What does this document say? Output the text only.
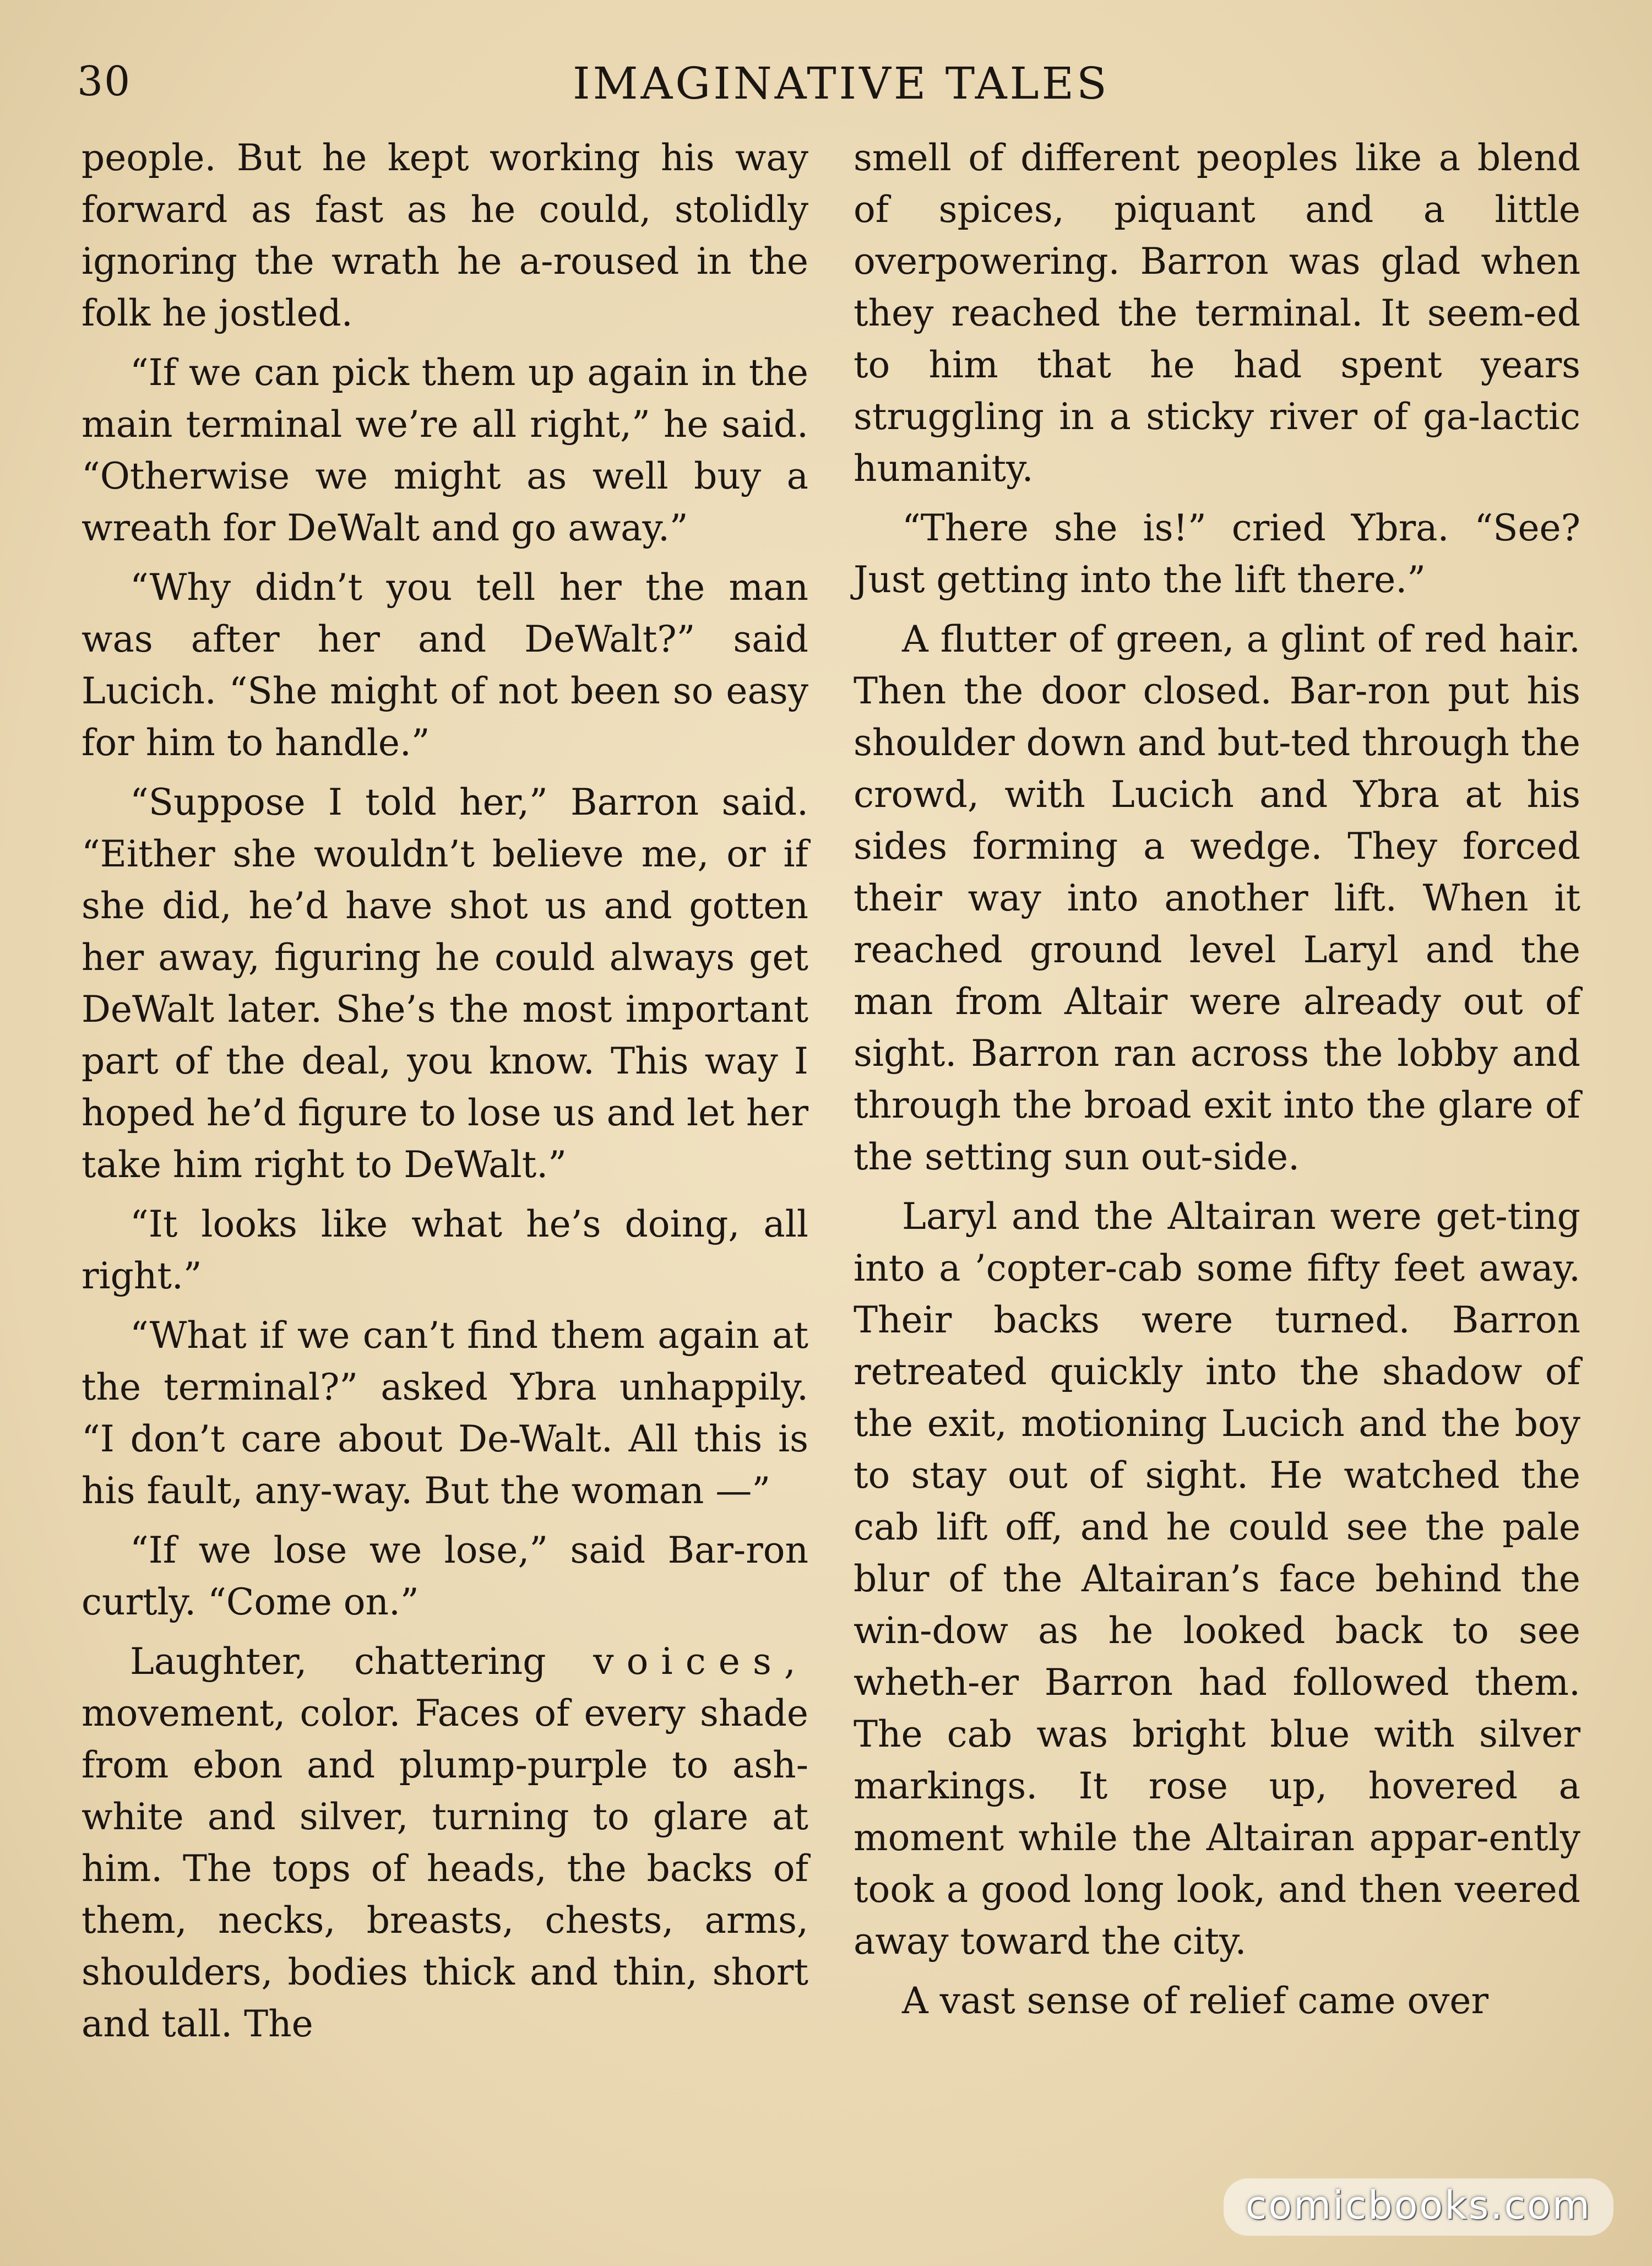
30	IMAGINATIVE TALES

people. But he kept working his way forward as fast as he could, stolidly ignoring the wrath he a-roused in the folk he jostled.

“If we can pick them up again in the main terminal we’re all right,” he said. “Otherwise we might as well buy a wreath for DeWalt and go away.”

“Why didn’t you tell her the man was after her and DeWalt?” said Lucich. “She might of not been so easy for him to handle.”

“Suppose I told her,” Barron said. “Either she wouldn’t believe me, or if she did, he’d have shot us and gotten her away, figuring he could always get DeWalt later. She’s the most important part of the deal, you know. This way I hoped he’d figure to lose us and let her take him right to DeWalt.”

“It looks like what he’s doing, all right.”

“What if we can’t find them again at the terminal?” asked Ybra unhappily. “I don’t care about De-Walt. All this is his fault, any-way. But the woman —”

“If we lose we lose,” said Bar-ron curtly. “Come on.”

Laughter, chattering voices, movement, color. Faces of every shade from ebon and plump-purple to ash-white and silver, turning to glare at him. The tops of heads, the backs of them, necks, breasts, chests, arms, shoulders, bodies thick and thin, short and tall. The

smell of different peoples like a blend of spices, piquant and a little overpowering. Barron was glad when they reached the terminal. It seem-ed to him that he had spent years struggling in a sticky river of ga-lactic humanity.

“There she is!” cried Ybra. “See? Just getting into the lift there.”

A flutter of green, a glint of red hair. Then the door closed. Bar-ron put his shoulder down and but-ted through the crowd, with Lucich and Ybra at his sides forming a wedge. They forced their way into another lift. When it reached ground level Laryl and the man from Altair were already out of sight. Barron ran across the lobby and through the broad exit into the glare of the setting sun out-side.

Laryl and the Altairan were get-ting into a ’copter-cab some fifty feet away. Their backs were turned. Barron retreated quickly into the shadow of the exit, motioning Lucich and the boy to stay out of sight. He watched the cab lift off, and he could see the pale blur of the Altairan’s face behind the win-dow as he looked back to see wheth-er Barron had followed them. The cab was bright blue with silver markings. It rose up, hovered a moment while the Altairan appar-ently took a good long look, and then veered away toward the city.

A vast sense of relief came over

comicbooks.com
